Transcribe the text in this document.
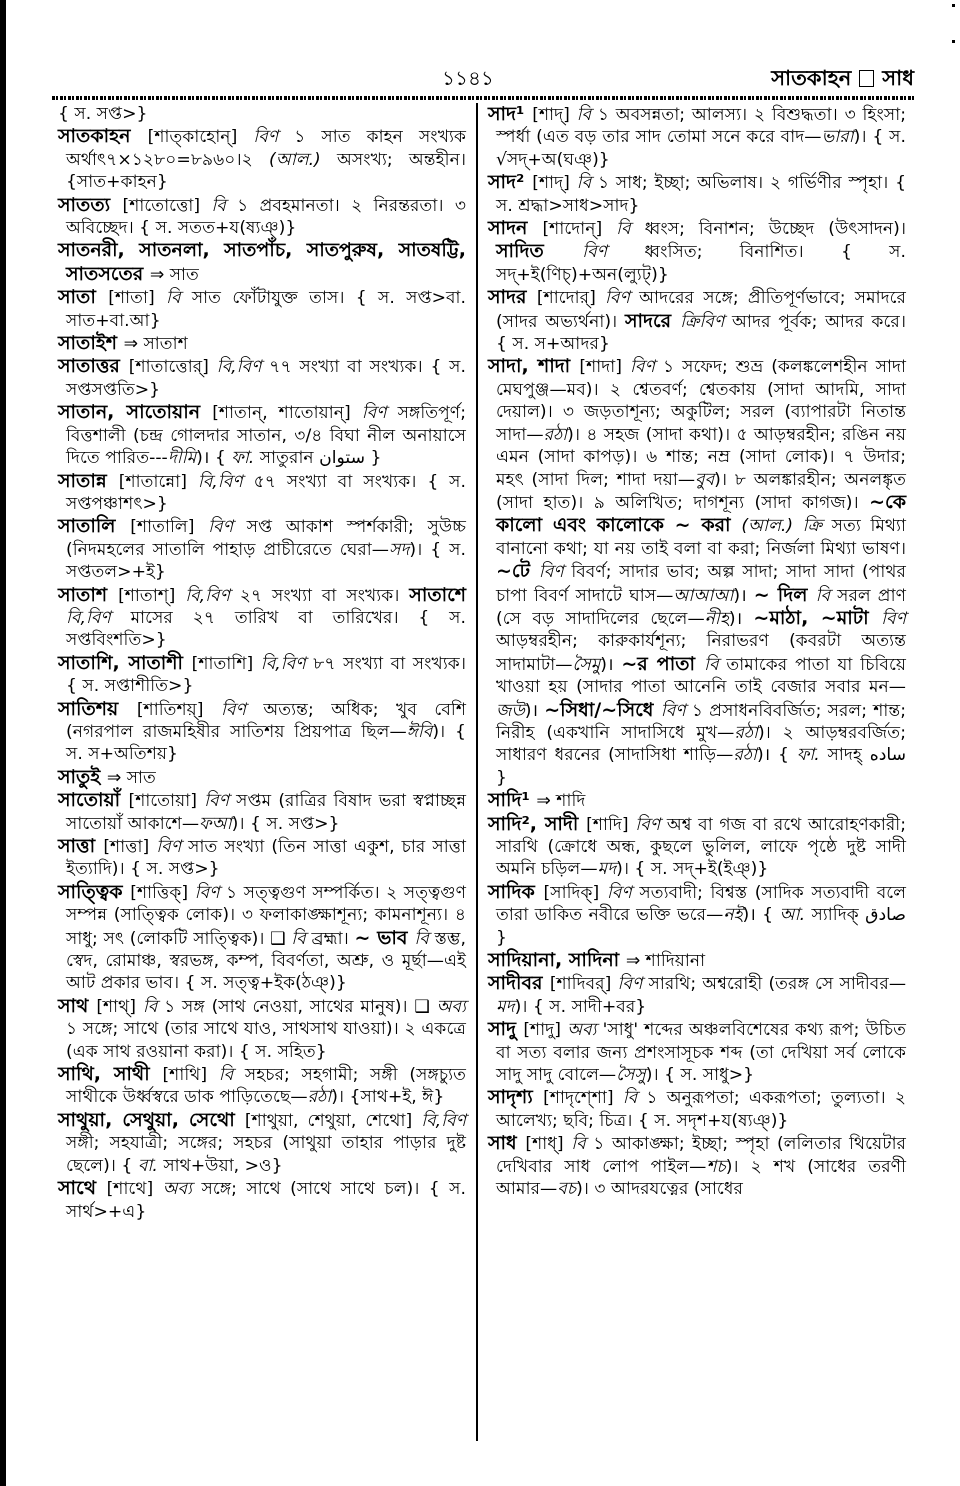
১১৪১	সাতকাহন সাধ
{ স. সপ্ত>}
সাতকাহন [শাত্কাহোন্] বিণ ১ সাত কাহন সংখ্যক অর্থাৎ৭×১২৮০=৮৯৬০।২ (আল.) অসংখ্য; অন্তহীন। {সাত+কাহন}
সাতত্য [শাতোত্তো] বি ১ প্রবহমানতা। ২ নিরন্তরতা। ৩ অবিচ্ছেদ। { স. সতত+য(ষ্যঞ্)}
সাতনরী, সাতনলা, সাতপাঁচ, সাতপুরুষ, সাতষট্টি, সাতসতের ⇒ সাত
সাতা [শাতা] বি সাত ফোঁটাযুক্ত তাস। { স. সপ্ত>বা. সাত+বা.আ}
সাতাইশ ⇒ সাতাশ
সাতাত্তর [শাতাত্তোর্] বি,বিণ ৭৭ সংখ্যা বা সংখ্যক। { স. সপ্তসপ্ততি>}
সাতান, সাতোয়ান [শাতান্, শাতোয়ান্] বিণ সঙ্গতিপূর্ণ; বিত্তশালী (চন্দ্র গোলদার সাতান, ৩/৪ বিঘা নীল অনায়াসে দিতে পারিত---দীমি)। { ফা. সাতুরান ستوان }
সাতান্ন [শাতান্নো] বি,বিণ ৫৭ সংখ্যা বা সংখ্যক। { স. সপ্তপঞ্চাশৎ>}
সাতালি [শাতালি] বিণ সপ্ত আকাশ স্পর্শকারী; সুউচ্চ (নিদমহলের সাতালি পাহাড় প্রাচীরেতে ঘেরা—সদ)। { স. সপ্ততল>+ই}
সাতাশ [শাতাশ্] বি,বিণ ২৭ সংখ্যা বা সংখ্যক। সাতাশে বি,বিণ মাসের ২৭ তারিখ বা তারিখের। { স. সপ্তবিংশতি>}
সাতাশি, সাতাশী [শাতাশি] বি,বিণ ৮৭ সংখ্যা বা সংখ্যক। { স. সপ্তাশীতি>}
সাতিশয় [শাতিশয়্] বিণ অত্যন্ত; অধিক; খুব বেশি (নগরপাল রাজমহিষীর সাতিশয় প্রিয়পাত্র ছিল—ঈবি)। { স. স+অতিশয়}
সাতুই ⇒ সাত
সাতোয়াঁ [শাতোয়া] বিণ সপ্তম (রাত্রির বিষাদ ভরা স্বপ্নাচ্ছন্ন সাতোয়াঁ আকাশে—ফআ)। { স. সপ্ত>}
সাত্তা [শাত্তা] বিণ সাত সংখ্যা (তিন সাত্তা একুশ, চার সাত্তা ইত্যাদি)। { স. সপ্ত>}
সাত্ত্বিক [শাত্তিক্] বিণ ১ সত্ত্বগুণ সম্পর্কিত। ২ সত্ত্বগুণ সম্পন্ন (সাত্ত্বিক লোক)। ৩ ফলাকাঙ্ক্ষাশূন্য; কামনাশূন্য। ৪ সাধু; সৎ (লোকটি সাত্ত্বিক)। ❑ বি ব্রহ্মা। ~ ভাব বি স্তম্ভ, স্বেদ, রোমাঞ্চ, স্বরভঙ্গ, কম্প, বিবর্ণতা, অশ্রু, ও মূর্ছা—এই আট প্রকার ভাব। { স. সত্ত্ব+ইক(ঠঞ্)}
সাথ [শাথ্] বি ১ সঙ্গ (সাথ নেওয়া, সাথের মানুষ)। ❑ অব্য ১ সঙ্গে; সাথে (তার সাথে যাও, সাথসাথ যাওয়া)। ২ একত্রে (এক সাথ রওয়ানা করা)। { স. সহিত}
সাথি, সাথী [শাথি] বি সহচর; সহগামী; সঙ্গী (সঙ্গচ্যুত সাথীকে উর্ধ্বস্বরে ডাক পাড়িতেছে—রঠা)। {সাথ+ই, ঈ}
সাথুয়া, সেথুয়া, সেথো [শাথুয়া, শেথুয়া, শেথো] বি,বিণ সঙ্গী; সহযাত্রী; সঙ্গের; সহচর (সাথুয়া তাহার পাড়ার দুষ্ট ছেলে)। { বা. সাথ+উয়া, >ও}
সাথে [শাথে] অব্য সঙ্গে; সাথে (সাথে সাথে চল)। { স. সার্থ>+এ}
সাদ¹ [শাদ্] বি ১ অবসন্নতা; আলস্য। ২ বিশুদ্ধতা। ৩ হিংসা; স্পর্ধা (এত বড় তার সাদ তোমা সনে করে বাদ—ভারা)। { স. √সদ্+অ(ঘঞ্)}
সাদ² [শাদ্] বি ১ সাধ; ইচ্ছা; অভিলাষ। ২ গর্ভিণীর স্পৃহা। { স. শ্রদ্ধা>সাধ>সাদ}
সাদন [শাদোন্] বি ধ্বংস; বিনাশন; উচ্ছেদ (উৎসাদন)। সাদিত বিণ ধ্বংসিত; বিনাশিত। { স. সদ্+ই(ণিচ্)+অন(ল্যুট্)}
সাদর [শাদোর্] বিণ আদরের সঙ্গে; প্রীতিপূর্ণভাবে; সমাদরে (সাদর অভ্যর্থনা)। সাদরে ক্রিবিণ আদর পূর্বক; আদর করে। { স. স+আদর}
সাদা, শাদা [শাদা] বিণ ১ সফেদ; শুভ্র (কলঙ্কলেশহীন সাদা মেঘপুঞ্জ—মব)। ২ শ্বেতবর্ণ; শ্বেতকায় (সাদা আদমি, সাদা দেয়াল)। ৩ জড়তাশূন্য; অকুটিল; সরল (ব্যাপারটা নিতান্ত সাদা—রঠা)। ৪ সহজ (সাদা কথা)। ৫ আড়ম্বরহীন; রঙিন নয় এমন (সাদা কাপড়)। ৬ শান্ত; নম্র (সাদা লোক)। ৭ উদার; মহৎ (সাদা দিল; শাদা দয়া—বুব)। ৮ অলঙ্কারহীন; অনলঙ্কৃত (সাদা হাত)। ৯ অলিখিত; দাগশূন্য (সাদা কাগজ)। ~কে কালো এবং কালোকে ~ করা (আল.) ক্রি সত্য মিথ্যা বানানো কথা; যা নয় তাই বলা বা করা; নির্জলা মিথ্যা ভাষণ। ~টে বিণ বিবর্ণ; সাদার ভাব; অল্প সাদা; সাদা সাদা (পাথর চাপা বিবর্ণ সাদাটে ঘাস—আআআ)। ~ দিল বি সরল প্রাণ (সে বড় সাদাদিলের ছেলে—নীহ)। ~মাঠা, ~মাটা বিণ আড়ম্বরহীন; কারুকার্যশূন্য; নিরাভরণ (কবরটা অত্যন্ত সাদামাটা—সৈমু)। ~র পাতা বি তামাকের পাতা যা চিবিয়ে খাওয়া হয় (সাদার পাতা আনেনি তাই বেজার সবার মন—জউ)। ~সিধা/~সিধে বিণ ১ প্রসাধনবিবর্জিত; সরল; শান্ত; নিরীহ (একখানি সাদাসিধে মুখ—রঠা)। ২ আড়ম্বরবর্জিত; সাধারণ ধরনের (সাদাসিধা শাড়ি—রঠা)। { ফা. সাদহ্ ساده }
সাদি¹ ⇒ শাদি
সাদি², সাদী [শাদি] বিণ অশ্ব বা গজ বা রথে আরোহণকারী; সারথি (ক্রোধে অন্ধ, কুছলে ভুলিল, লাফে পৃষ্ঠে দুষ্ট সাদী অমনি চড়িল—মদ)। { স. সদ্+ই(ইঞ্)}
সাদিক [সাদিক্] বিণ সত্যবাদী; বিশ্বস্ত (সাদিক সত্যবাদী বলে তারা ডাকিত নবীরে ভক্তি ভরে—নই)। { আ. স্যাদিক্ صادق }
সাদিয়ানা, সাদিনা ⇒ শাদিয়ানা
সাদীবর [শাদিবর্] বিণ সারথি; অশ্বরোহী (তরঙ্গ সে সাদীবর—মদ)। { স. সাদী+বর}
সাদু [শাদু] অব্য 'সাধু' শব্দের অঞ্চলবিশেষের কথ্য রূপ; উচিত বা সত্য বলার জন্য প্রশংসাসূচক শব্দ (তা দেখিয়া সর্ব লোকে সাদু সাদু বোলে—সৈসু)। { স. সাধু>}
সাদৃশ্য [শাদৃশ্শো] বি ১ অনুরূপতা; একরূপতা; তুল্যতা। ২ আলেখ্য; ছবি; চিত্র। { স. সদৃশ+য(ষ্যঞ্)}
সাধ [শাধ্] বি ১ আকাঙ্ক্ষা; ইচ্ছা; স্পৃহা (ললিতার থিয়েটার দেখিবার সাধ লোপ পাইল—শচ)। ২ শখ (সাধের তরণী আমার—বচ)। ৩ আদরযত্নের (সাধের
